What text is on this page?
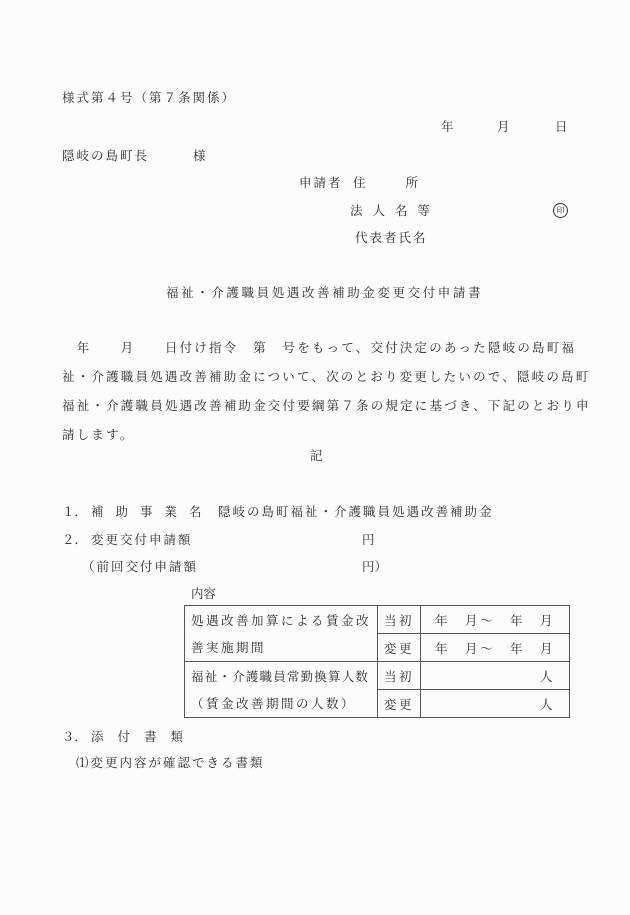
様式第４号（第７条関係）
年	月	日
隠岐の島町長	様
申請者 住　　所
法 人 名 等	印
代表者氏名
福祉・介護職員処遇改善補助金変更交付申請書
　年　　月　　日付け指令　第　号をもって、交付決定のあった隠岐の島町福
祉・介護職員処遇改善補助金について、次のとおり変更したいので、隠岐の島町
福祉・介護職員処遇改善補助金交付要綱第７条の規定に基づき、下記のとおり申
請します。
記
１． 補 助 事 業 名 隠岐の島町福祉・介護職員処遇改善補助金
２． 変更交付申請額	円
（前回交付申請額	円）
内容
処遇改善加算による賃金改	当初	年　月～　年　月
善実施期間	変更	年　月～　年　月
福祉・介護職員常勤換算人数	当初	人
（賃金改善期間の人数）	変更	人
３． 添 付 書 類
⑴変更内容が確認できる書類
